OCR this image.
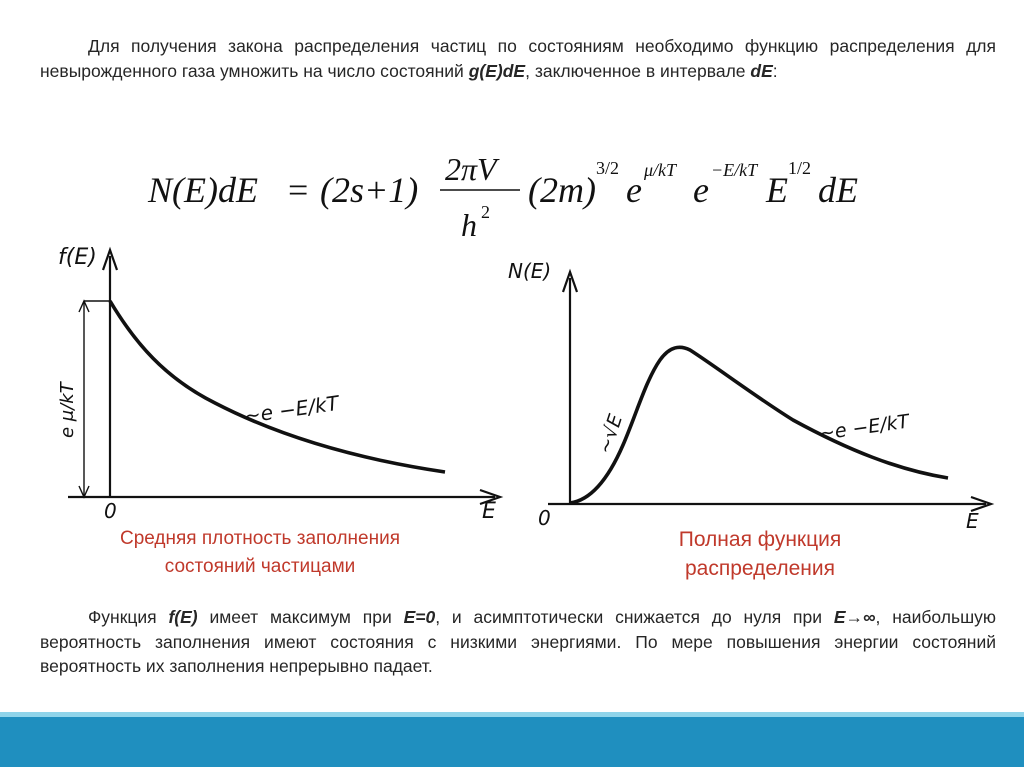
Для получения закона распределения частиц по состояниям необходимо функцию распределения для невырожденного газа умножить на число состояний g(E)dE, заключенное в интервале dE:
N(E)dE = (2s+1)
2πV
h 2
(2m)
3/2
e μ/kT e −E/kT E
1/2
dE
f(E)
E
0
e μ/kT	~e −E/kT
Средняя плотность заполнения
состояний частицами
N(E)
E
0
~√E	~e −E/kT
Полная функция
распределения
Функция f(E) имеет максимум при E=0, и асимптотически снижается до нуля при E→∞, наибольшую вероятность заполнения имеют состояния с низкими энергиями. По мере повышения энергии состояний вероятность их заполнения непрерывно падает.
